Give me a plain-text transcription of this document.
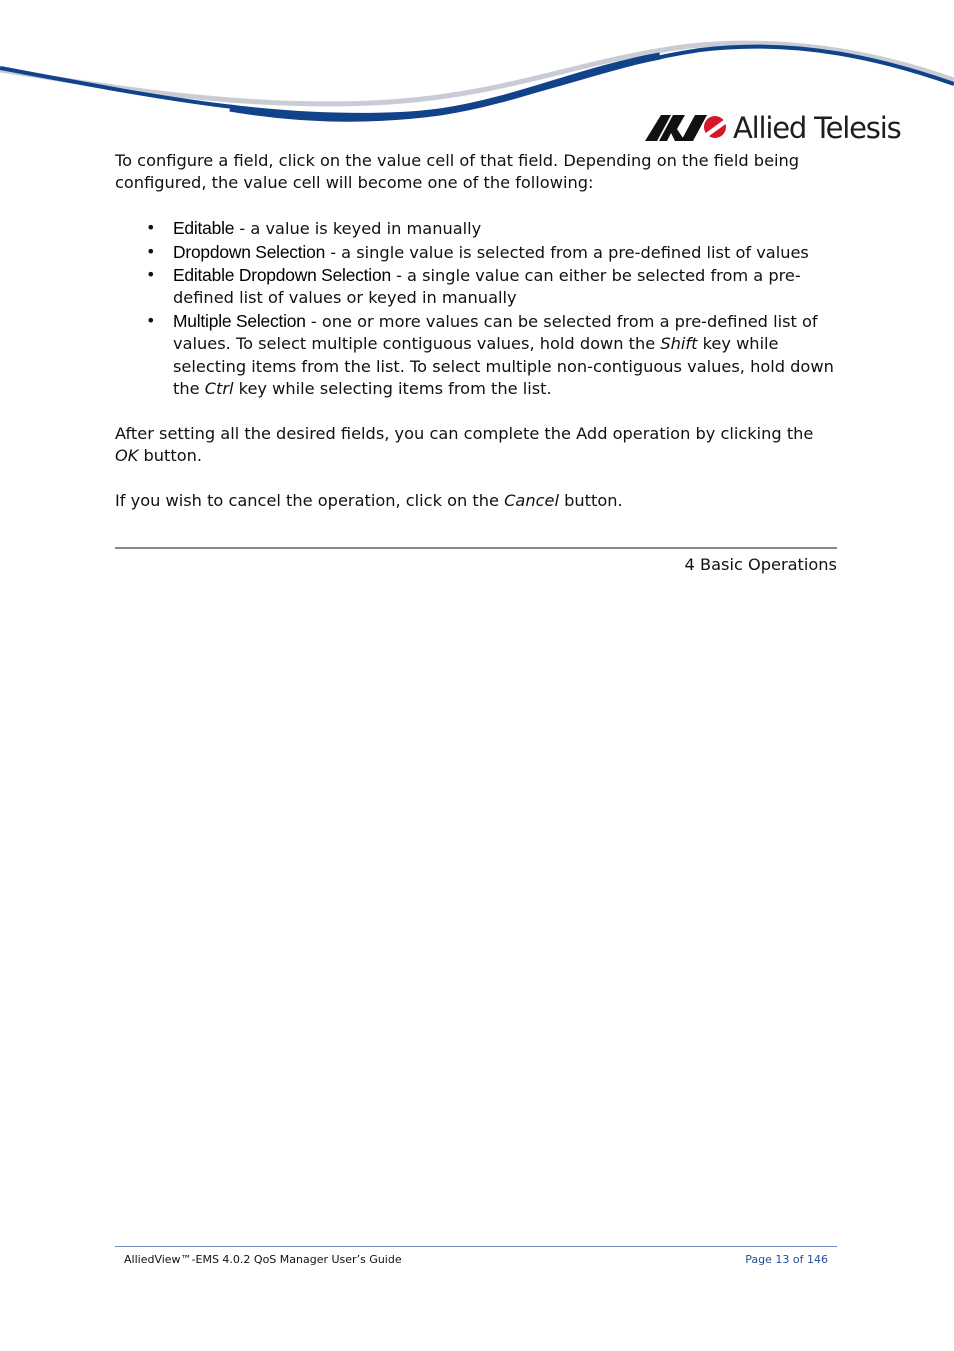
Allied Telesis

To configure a field, click on the value cell of that field. Depending on the field being configured, the value cell will become one of the following:

• Editable - a value is keyed in manually
• Dropdown Selection - a single value is selected from a pre-defined list of values
• Editable Dropdown Selection - a single value can either be selected from a pre-defined list of values or keyed in manually
• Multiple Selection - one or more values can be selected from a pre-defined list of values. To select multiple contiguous values, hold down the Shift key while selecting items from the list. To select multiple non-contiguous values, hold down the Ctrl key while selecting items from the list.

After setting all the desired fields, you can complete the Add operation by clicking the OK button.

If you wish to cancel the operation, click on the Cancel button.

4 Basic Operations
AlliedView™-EMS 4.0.2 QoS Manager User’s Guide	Page 13 of 146
